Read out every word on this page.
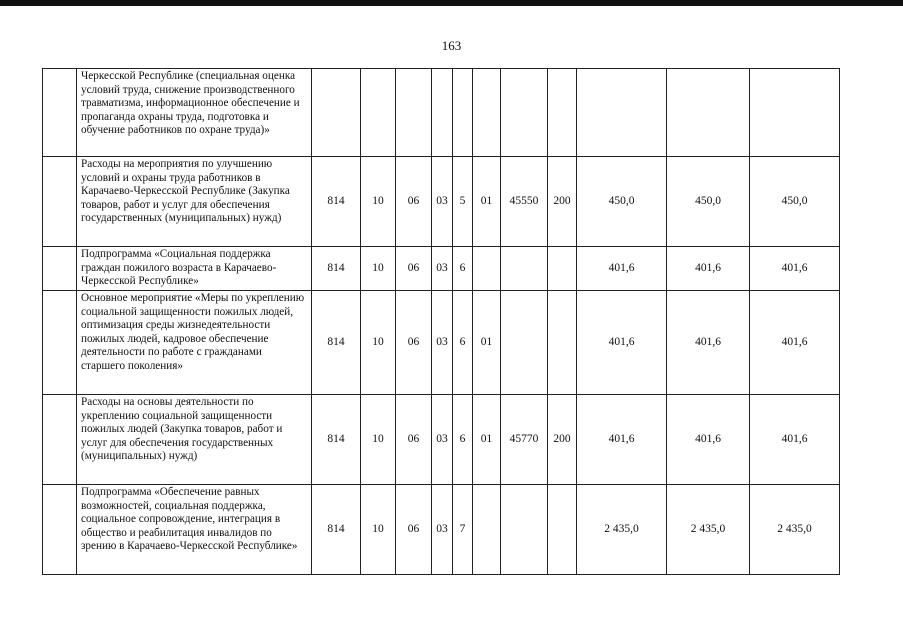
163
	Черкесской Республике (специальная оценка условий труда, снижение производственного травматизма, информационное обеспечение и пропаганда охраны труда, подготовка и обучение работников по охране труда)»											
	Расходы на мероприятия по улучшению условий и охраны труда работников в Карачаево-Черкесской Республике (Закупка товаров, работ и услуг для обеспечения государственных (муниципальных) нужд)	814	10	06	03	5	01	45550	200	450,0	450,0	450,0
	Подпрограмма «Социальная поддержка граждан пожилого возраста в Карачаево-Черкесской Республике»	814	10	06	03	6				401,6	401,6	401,6
	Основное мероприятие «Меры по укреплению социальной защищенности пожилых людей, оптимизация среды жизнедеятельности пожилых людей, кадровое обеспечение деятельности по работе с гражданами старшего поколения»	814	10	06	03	6	01			401,6	401,6	401,6
	Расходы на основы деятельности по укреплению социальной защищенности пожилых людей (Закупка товаров, работ и услуг для обеспечения государственных (муниципальных) нужд)	814	10	06	03	6	01	45770	200	401,6	401,6	401,6
	Подпрограмма «Обеспечение равных возможностей, социальная поддержка, социальное сопровождение, интеграция в общество и реабилитация инвалидов по зрению в Карачаево-Черкесской Республике»	814	10	06	03	7				2 435,0	2 435,0	2 435,0
